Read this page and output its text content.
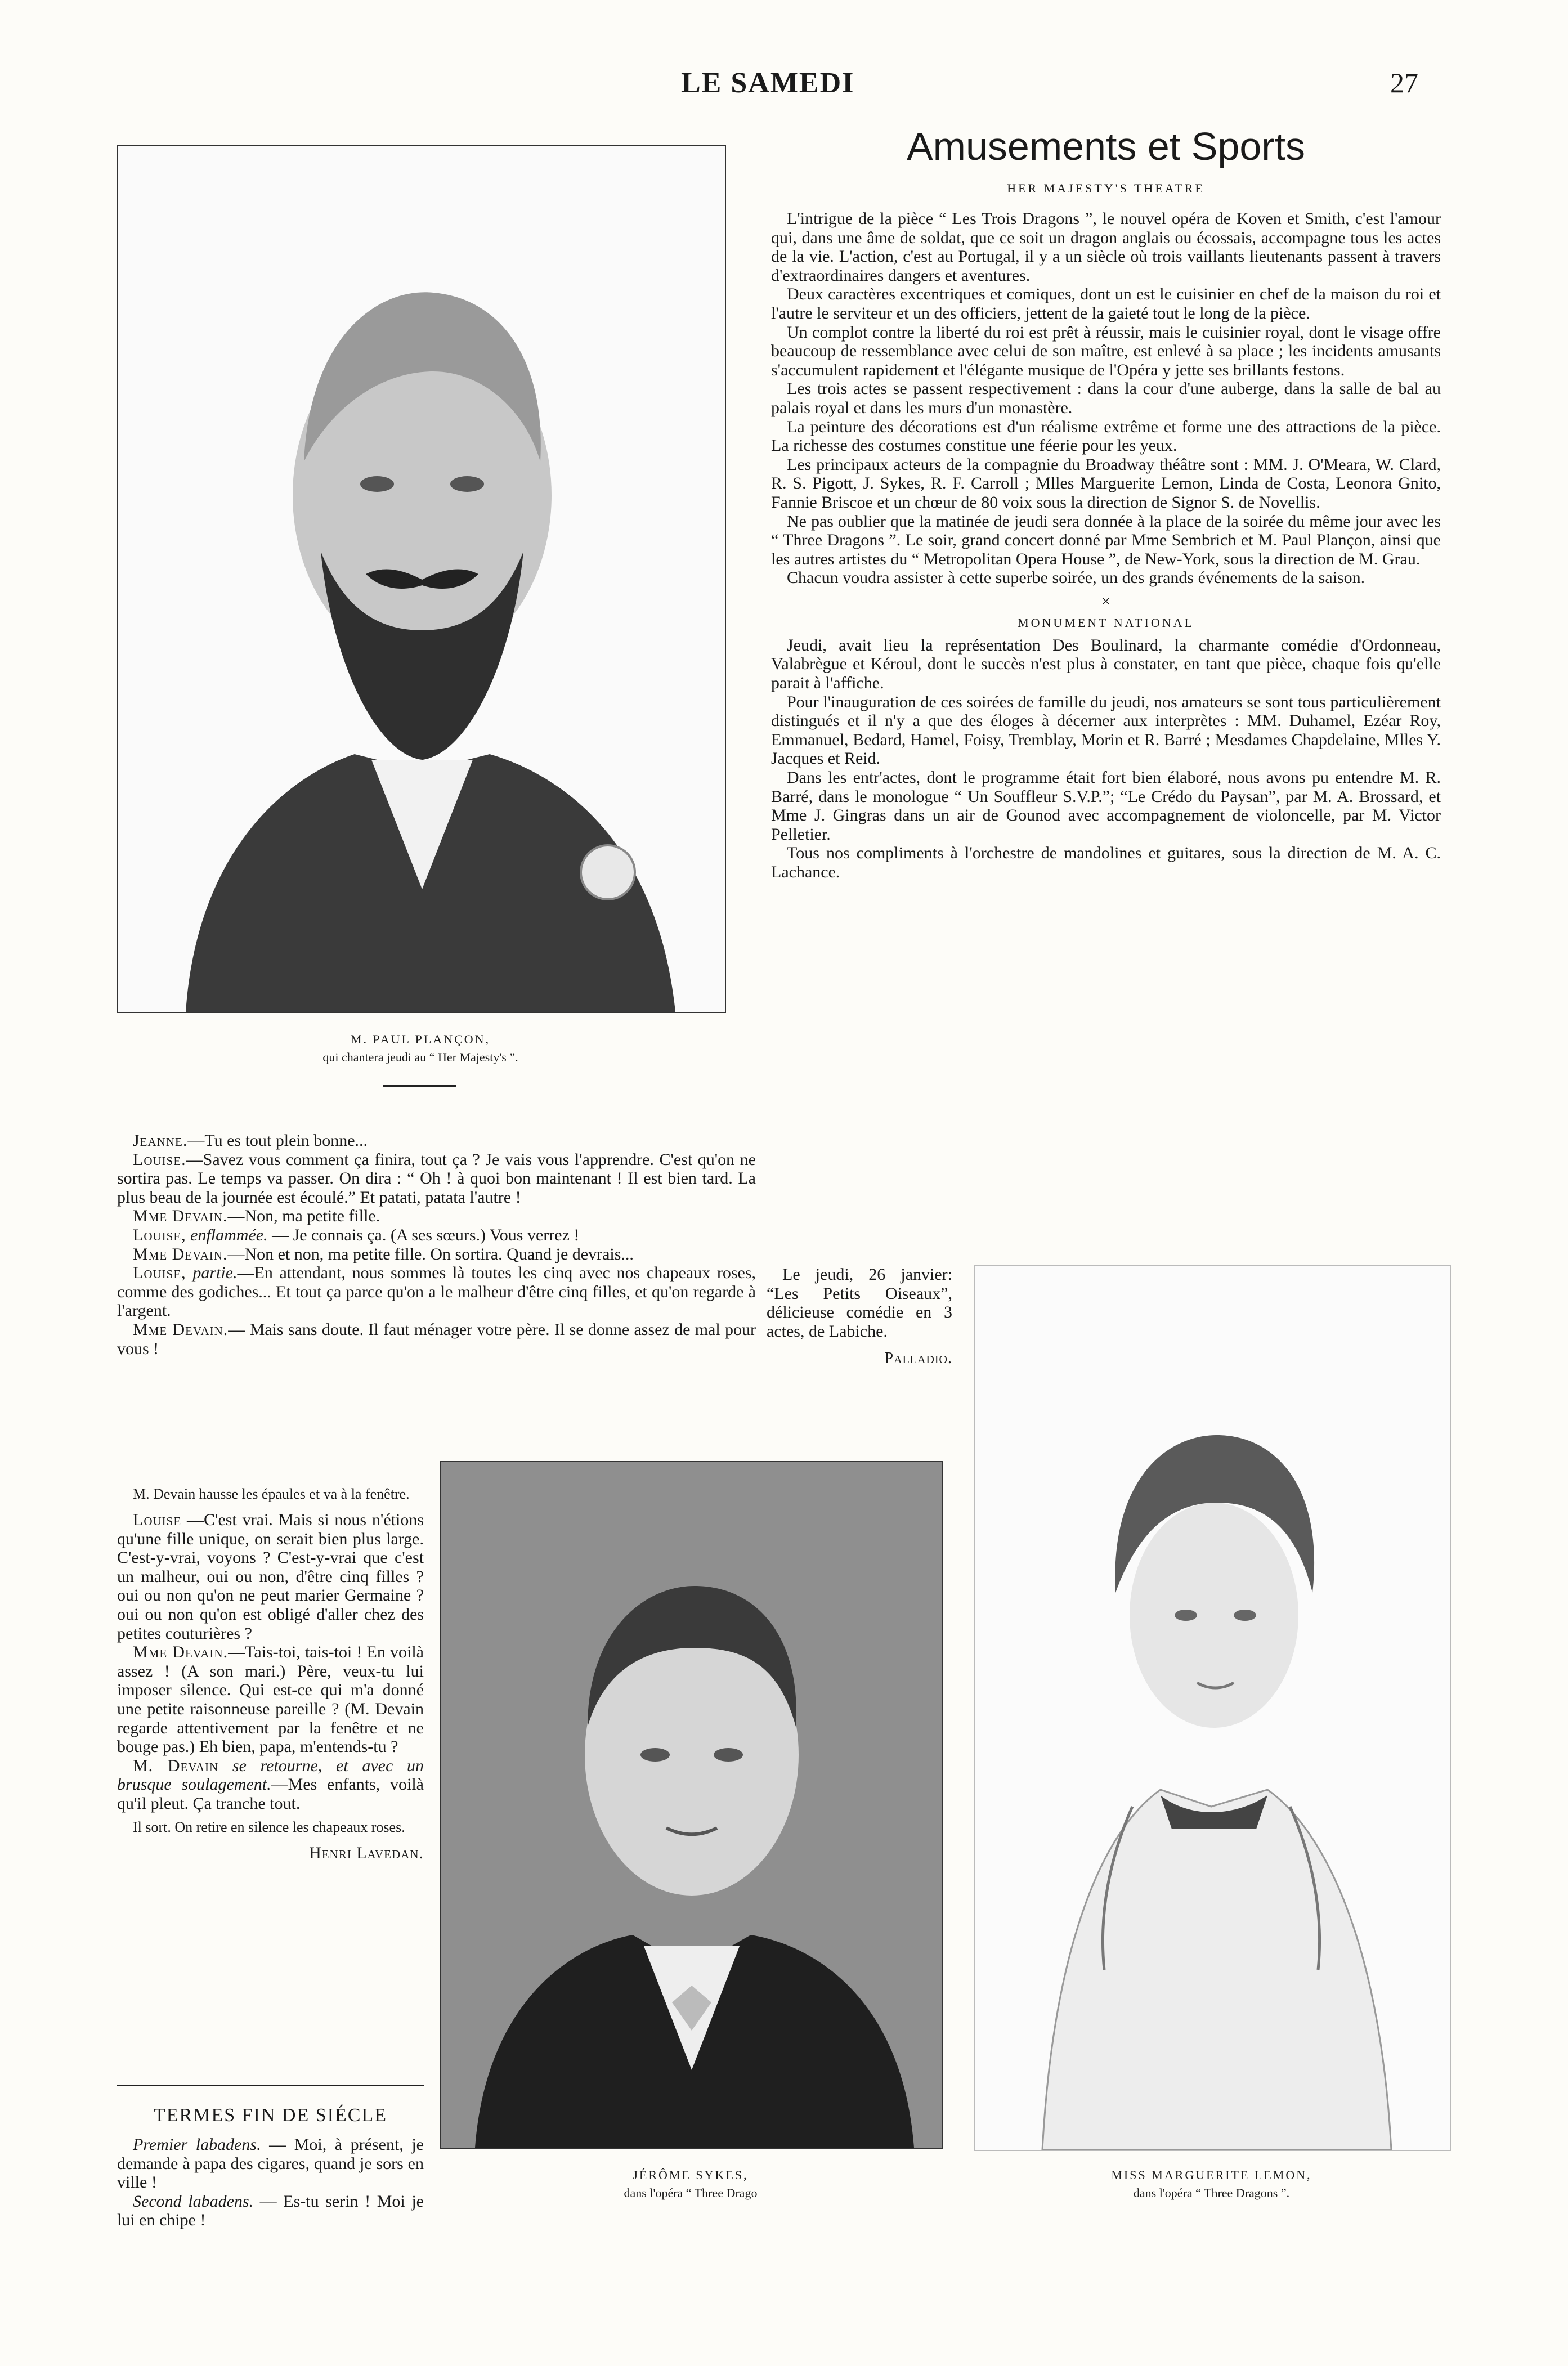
LE SAMEDI	27
M. PAUL PLANÇON,
qui chantera jeudi au “ Her Majesty's ”.

Jeanne.—Tu es tout plein bonne...

Louise.—Savez vous comment ça finira, tout ça ? Je vais vous l'apprendre. C'est qu'on ne sortira pas. Le temps va passer. On dira : “ Oh ! à quoi bon maintenant ! Il est bien tard. La plus beau de la journée est écoulé.” Et patati, patata l'autre !

Mme Devain.—Non, ma petite fille.

Louise, enflammée. — Je connais ça. (A ses sœurs.) Vous verrez !

Mme Devain.—Non et non, ma petite fille. On sortira. Quand je devrais...

Louise, partie.—En attendant, nous sommes là toutes les cinq avec nos chapeaux roses, comme des godiches... Et tout ça parce qu'on a le malheur d'être cinq filles, et qu'on regarde à l'argent.

Mme Devain.— Mais sans doute. Il faut ménager votre père. Il se donne assez de mal pour vous !

M. Devain hausse les épaules et va à la fenêtre.

Louise —C'est vrai. Mais si nous n'étions qu'une fille unique, on serait bien plus large. C'est-y-vrai, voyons ? C'est-y-vrai que c'est un malheur, oui ou non, d'être cinq filles ? oui ou non qu'on ne peut marier Germaine ? oui ou non qu'on est obligé d'aller chez des petites couturières ?

Mme Devain.—Tais-toi, tais-toi ! En voilà assez ! (A son mari.) Père, veux-tu lui imposer silence. Qui est-ce qui m'a donné une petite raisonneuse pareille ? (M. Devain regarde attentivement par la fenêtre et ne bouge pas.) Eh bien, papa, m'entends-tu ?

M. Devain se retourne, et avec un brusque soulagement.—Mes enfants, voilà qu'il pleut. Ça tranche tout.

Il sort. On retire en silence les chapeaux roses.

Henri Lavedan.
TERMES FIN DE SIÉCLE

Premier labadens. — Moi, à présent, je demande à papa des cigares, quand je sors en ville !

Second labadens. — Es-tu serin ! Moi je lui en chipe !

Amusements et Sports
HER MAJESTY'S THEATRE

L'intrigue de la pièce “ Les Trois Dragons ”, le nouvel opéra de Koven et Smith, c'est l'amour qui, dans une âme de soldat, que ce soit un dragon anglais ou écossais, accompagne tous les actes de la vie. L'action, c'est au Portugal, il y a un siècle où trois vaillants lieutenants passent à travers d'extraordinaires dangers et aventures.

Deux caractères excentriques et comiques, dont un est le cuisinier en chef de la maison du roi et l'autre le serviteur et un des officiers, jettent de la gaieté tout le long de la pièce.

Un complot contre la liberté du roi est prêt à réussir, mais le cuisinier royal, dont le visage offre beaucoup de ressemblance avec celui de son maître, est enlevé à sa place ; les incidents amusants s'accumulent rapidement et l'élégante musique de l'Opéra y jette ses brillants festons.

Les trois actes se passent respectivement : dans la cour d'une auberge, dans la salle de bal au palais royal et dans les murs d'un monastère.

La peinture des décorations est d'un réalisme extrême et forme une des attractions de la pièce. La richesse des costumes constitue une féerie pour les yeux.

Les principaux acteurs de la compagnie du Broadway théâtre sont : MM. J. O'Meara, W. Clard, R. S. Pigott, J. Sykes, R. F. Carroll ; Mlles Marguerite Lemon, Linda de Costa, Leonora Gnito, Fannie Briscoe et un chœur de 80 voix sous la direction de Signor S. de Novellis.

Ne pas oublier que la matinée de jeudi sera donnée à la place de la soirée du même jour avec les “ Three Dragons ”. Le soir, grand concert donné par Mme Sembrich et M. Paul Plançon, ainsi que les autres artistes du “ Metropolitan Opera House ”, de New-York, sous la direction de M. Grau.

Chacun voudra assister à cette superbe soirée, un des grands événements de la saison.

×
MONUMENT NATIONAL

Jeudi, avait lieu la représentation Des Boulinard, la charmante comédie d'Ordonneau, Valabrègue et Kéroul, dont le succès n'est plus à constater, en tant que pièce, chaque fois qu'elle parait à l'affiche.

Pour l'inauguration de ces soirées de famille du jeudi, nos amateurs se sont tous particulièrement distingués et il n'y a que des éloges à décerner aux interprètes : MM. Duhamel, Ezéar Roy, Emmanuel, Bedard, Hamel, Foisy, Tremblay, Morin et R. Barré ; Mesdames Chapdelaine, Mlles Y. Jacques et Reid.

Dans les entr'actes, dont le programme était fort bien élaboré, nous avons pu entendre M. R. Barré, dans le monologue “ Un Souffleur S.V.P.”; “Le Crédo du Paysan”, par M. A. Brossard, et Mme J. Gingras dans un air de Gounod avec accompagnement de violoncelle, par M. Victor Pelletier.

Tous nos compliments à l'orchestre de mandolines et guitares, sous la direction de M. A. C. Lachance.

Le jeudi, 26 janvier: “Les Petits Oiseaux”, délicieuse comédie en 3 actes, de Labiche.

Palladio.
JÉRÔME SYKES,
dans l'opéra “ Three Drago
MISS MARGUERITE LEMON,
dans l'opéra “ Three Dragons ”.
